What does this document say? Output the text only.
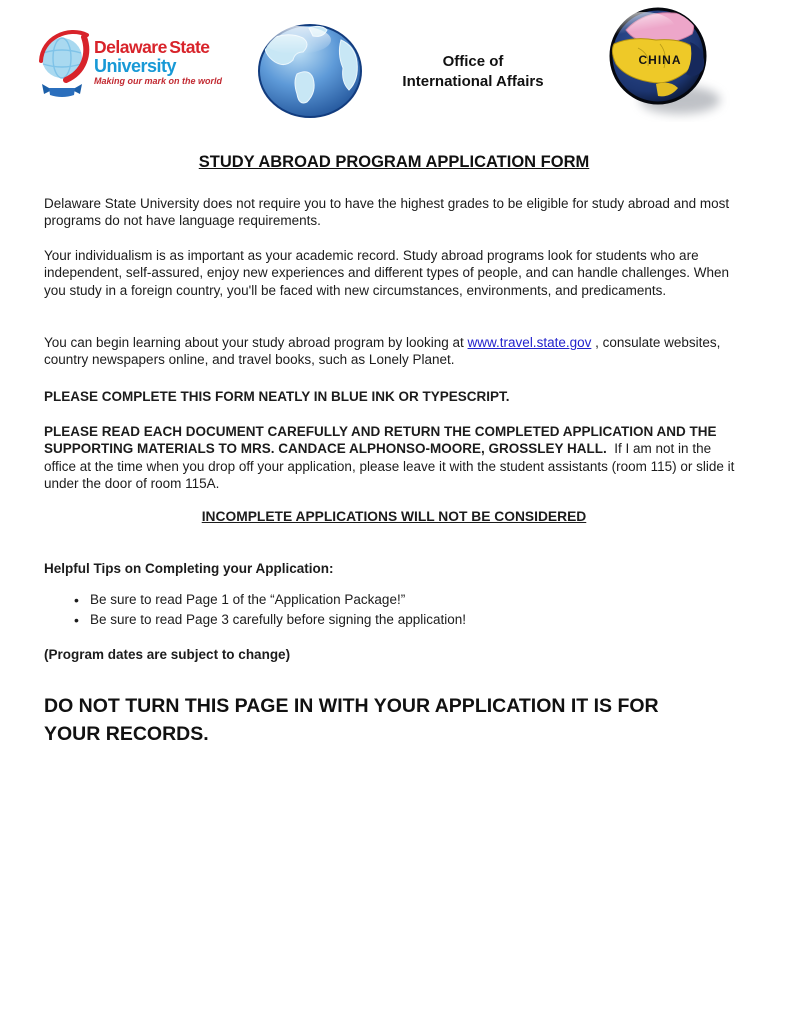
Delaware State
University
Making our mark on the world
Office of
International Affairs
CHINA
STUDY ABROAD PROGRAM APPLICATION FORM
Delaware State University does not require you to have the highest grades to be eligible for study abroad and most programs do not have language requirements.
Your individualism is as important as your academic record. Study abroad programs look for students who are independent, self-assured, enjoy new experiences and different types of people, and can handle challenges. When you study in a foreign country, you'll be faced with new circumstances, environments, and predicaments.
You can begin learning about your study abroad program by looking at www.travel.state.gov , consulate websites, country newspapers online, and travel books, such as Lonely Planet.
PLEASE COMPLETE THIS FORM NEATLY IN BLUE INK OR TYPESCRIPT.
PLEASE READ EACH DOCUMENT CAREFULLY AND RETURN THE COMPLETED APPLICATION AND THE SUPPORTING MATERIALS TO MRS. CANDACE ALPHONSO-MOORE, GROSSLEY HALL.  If I am not in the office at the time when you drop off your application, please leave it with the student assistants (room 115) or slide it under the door of room 115A.
INCOMPLETE APPLICATIONS WILL NOT BE CONSIDERED
Helpful Tips on Completing your Application:
• Be sure to read Page 1 of the “Application Package!”
• Be sure to read Page 3 carefully before signing the application!
(Program dates are subject to change)
DO NOT TURN THIS PAGE IN WITH YOUR APPLICATION IT IS FOR YOUR RECORDS.
